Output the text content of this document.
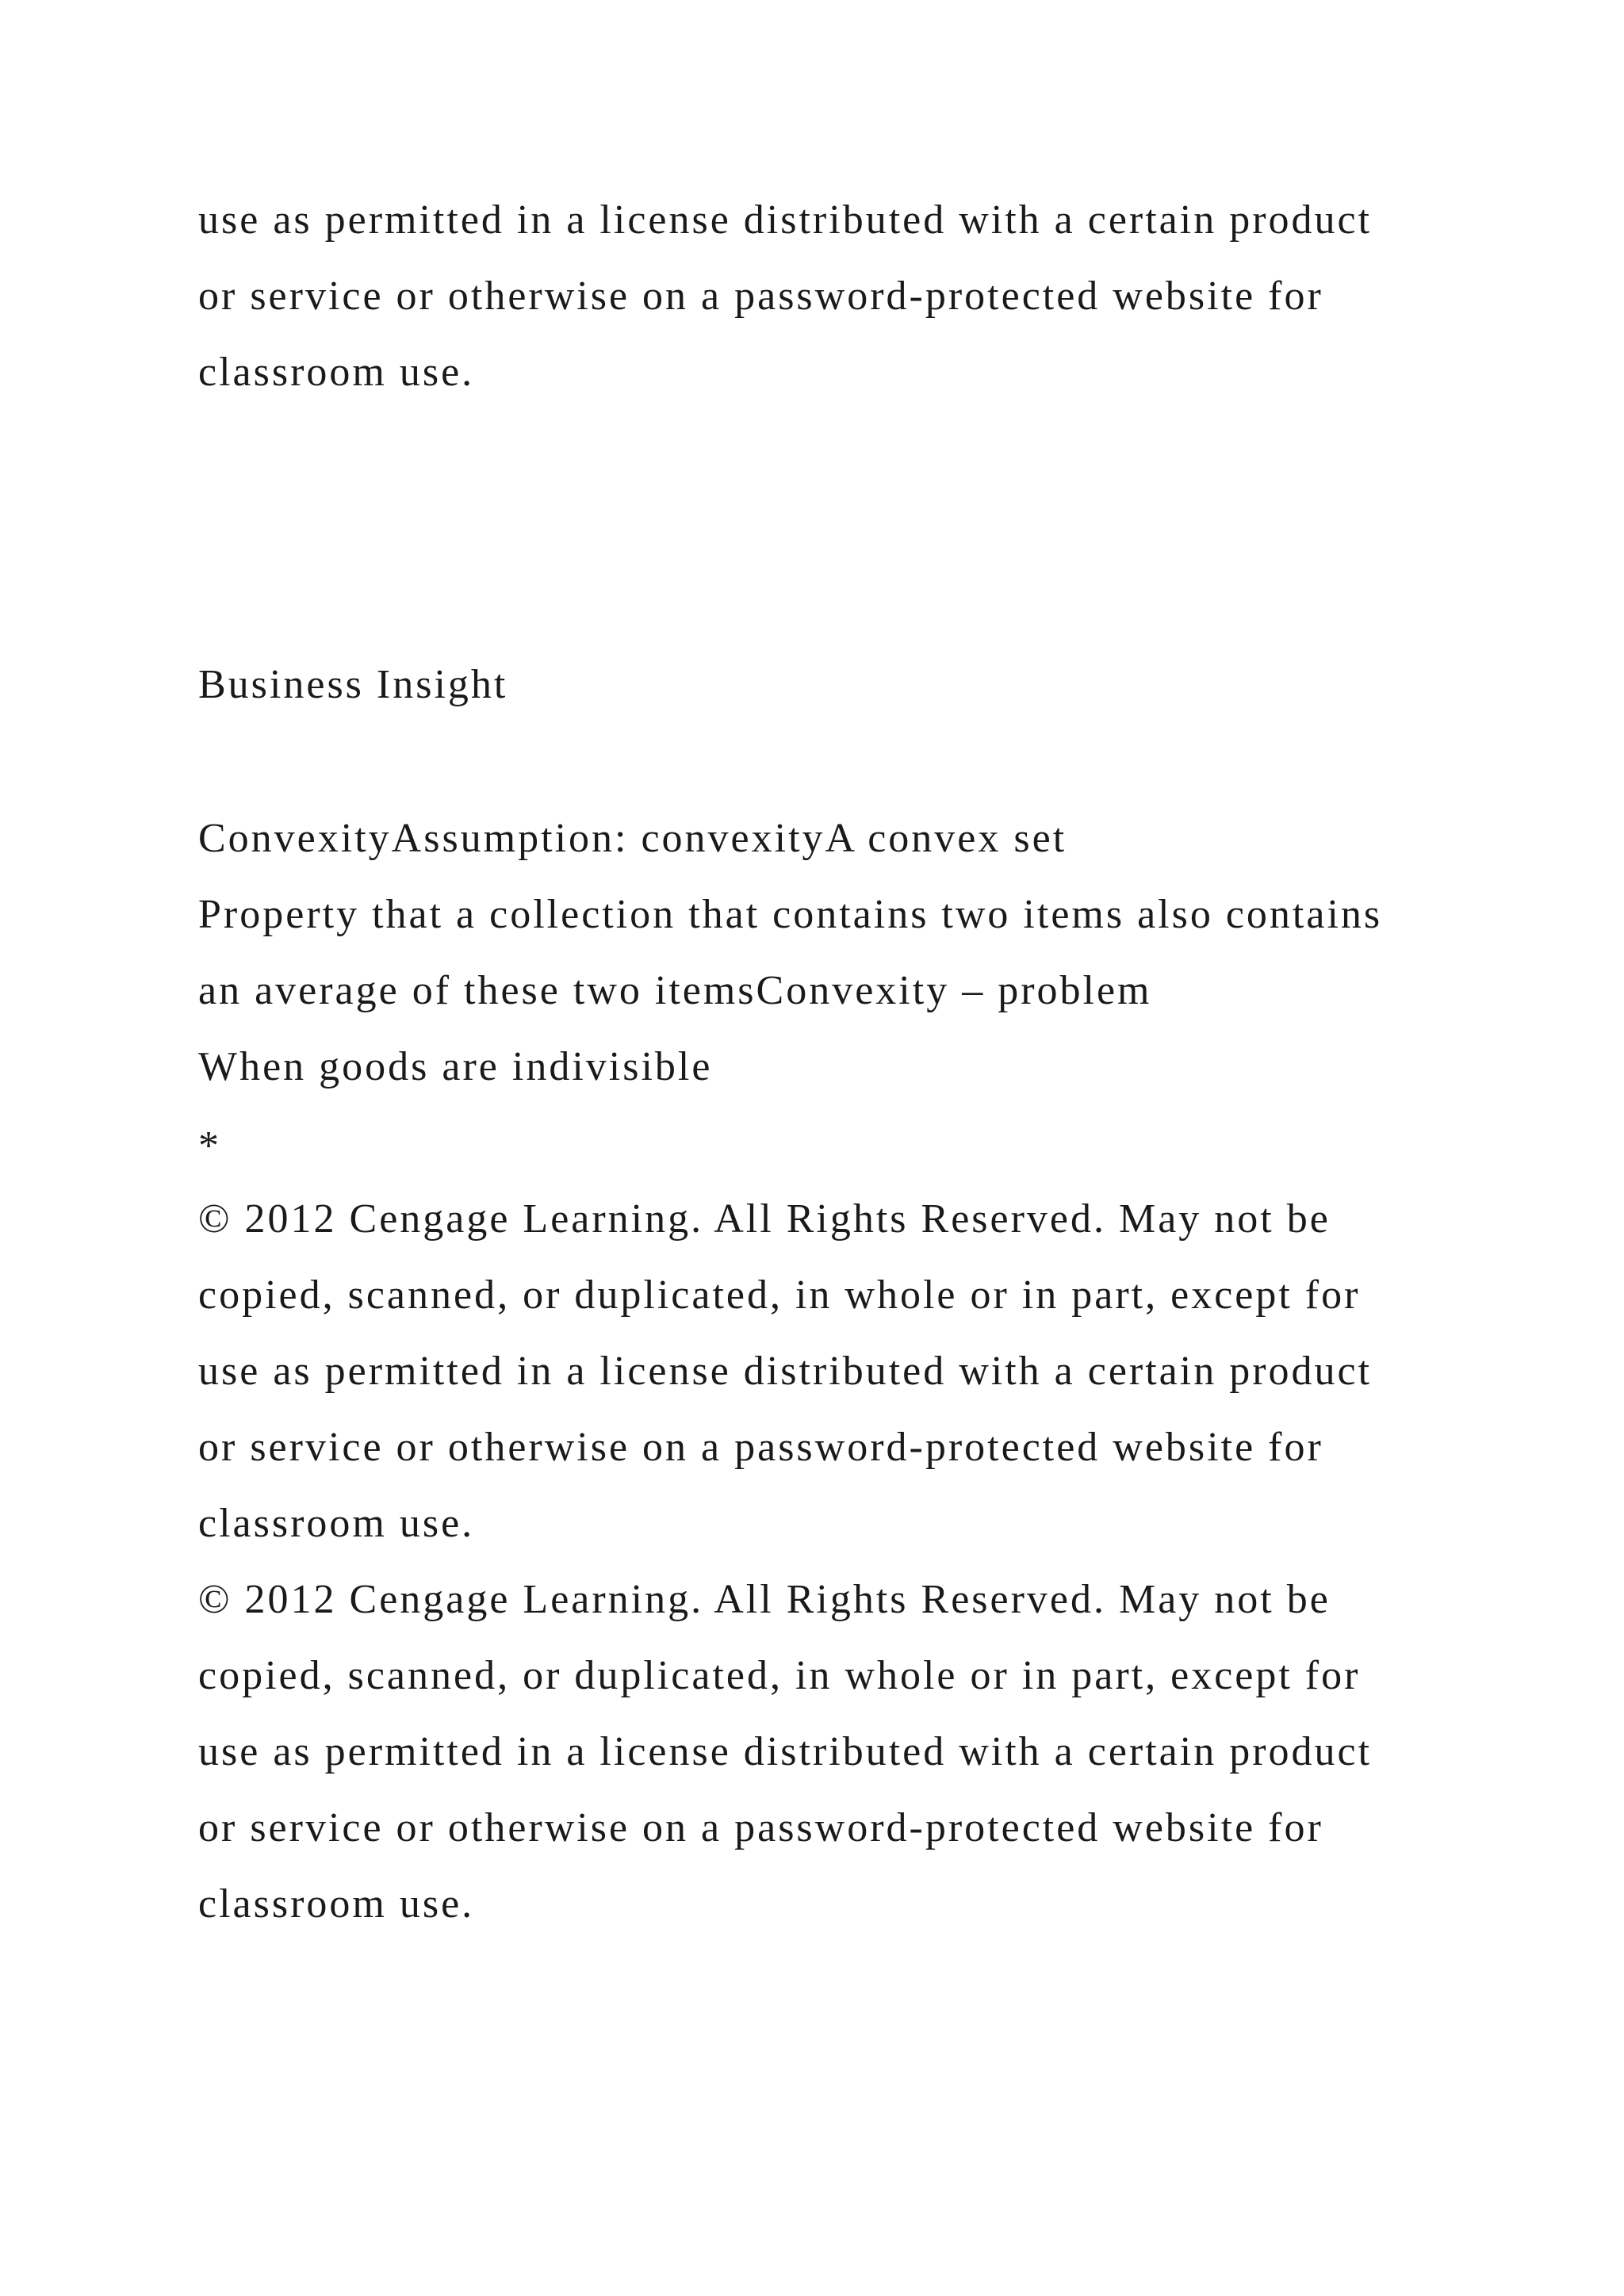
use as permitted in a license distributed with a certain product
or service or otherwise on a password-protected website for
classroom use.
Business Insight
ConvexityAssumption: convexityA convex set
Property that a collection that contains two items also contains
an average of these two itemsConvexity – problem
When goods are indivisible
*
© 2012 Cengage Learning. All Rights Reserved. May not be
copied, scanned, or duplicated, in whole or in part, except for
use as permitted in a license distributed with a certain product
or service or otherwise on a password-protected website for
classroom use.
© 2012 Cengage Learning. All Rights Reserved. May not be
copied, scanned, or duplicated, in whole or in part, except for
use as permitted in a license distributed with a certain product
or service or otherwise on a password-protected website for
classroom use.
